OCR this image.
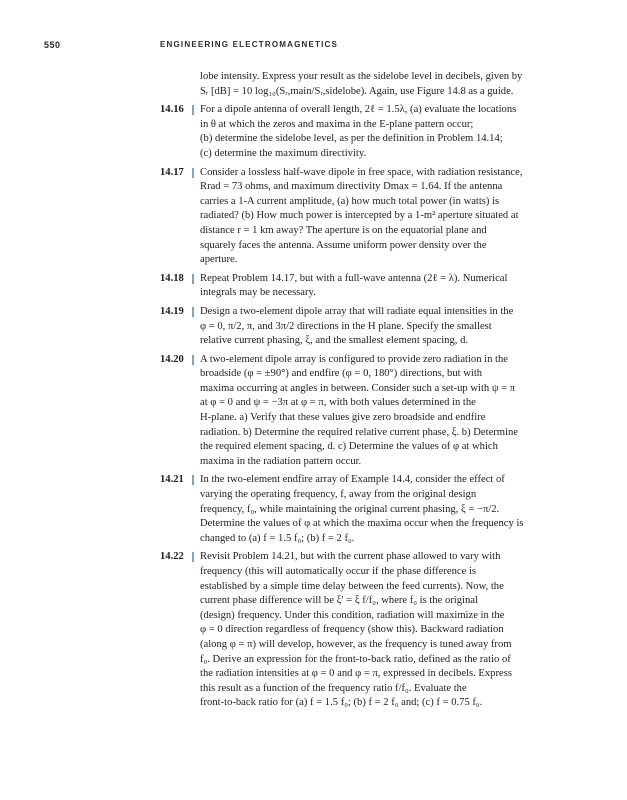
550	ENGINEERING ELECTROMAGNETICS
lobe intensity. Express your result as the sidelobe level in decibels, given by
Sᵣ [dB] = 10 log₁₀(Sᵣ,main/Sᵣ,sidelobe). Again, use Figure 14.8 as a guide.
14.16 For a dipole antenna of overall length, 2ℓ = 1.5λ, (a) evaluate the locations
in θ at which the zeros and maxima in the E-plane pattern occur;
(b) determine the sidelobe level, as per the definition in Problem 14.14;
(c) determine the maximum directivity.
14.17 Consider a lossless half-wave dipole in free space, with radiation resistance,
Rrad = 73 ohms, and maximum directivity Dmax = 1.64. If the antenna
carries a 1-A current amplitude, (a) how much total power (in watts) is
radiated? (b) How much power is intercepted by a 1-m² aperture situated at
distance r = 1 km away? The aperture is on the equatorial plane and
squarely faces the antenna. Assume uniform power density over the
aperture.
14.18 Repeat Problem 14.17, but with a full-wave antenna (2ℓ = λ). Numerical
integrals may be necessary.
14.19 Design a two-element dipole array that will radiate equal intensities in the
φ = 0, π/2, π, and 3π/2 directions in the H plane. Specify the smallest
relative current phasing, ξ, and the smallest element spacing, d.
14.20 A two-element dipole array is configured to provide zero radiation in the
broadside (φ = ±90°) and endfire (φ = 0, 180°) directions, but with
maxima occurring at angles in between. Consider such a set-up with ψ = π
at φ = 0 and ψ = −3π at φ = π, with both values determined in the
H-plane. a) Verify that these values give zero broadside and endfire
radiation. b) Determine the required relative current phase, ξ. b) Determine
the required element spacing, d. c) Determine the values of φ at which
maxima in the radiation pattern occur.
14.21 In the two-element endfire array of Example 14.4, consider the effect of
varying the operating frequency, f, away from the original design
frequency, f₀, while maintaining the original current phasing, ξ = −π/2.
Determine the values of φ at which the maxima occur when the frequency is
changed to (a) f = 1.5 f₀; (b) f = 2 f₀.
14.22 Revisit Problem 14.21, but with the current phase allowed to vary with
frequency (this will automatically occur if the phase difference is
established by a simple time delay between the feed currents). Now, the
current phase difference will be ξ′ = ξ f/f₀, where f₀ is the original
(design) frequency. Under this condition, radiation will maximize in the
φ = 0 direction regardless of frequency (show this). Backward radiation
(along φ = π) will develop, however, as the frequency is tuned away from
f₀. Derive an expression for the front-to-back ratio, defined as the ratio of
the radiation intensities at φ = 0 and φ = π, expressed in decibels. Express
this result as a function of the frequency ratio f/f₀. Evaluate the
front-to-back ratio for (a) f = 1.5 f₀; (b) f = 2 f₀ and; (c) f = 0.75 f₀.
